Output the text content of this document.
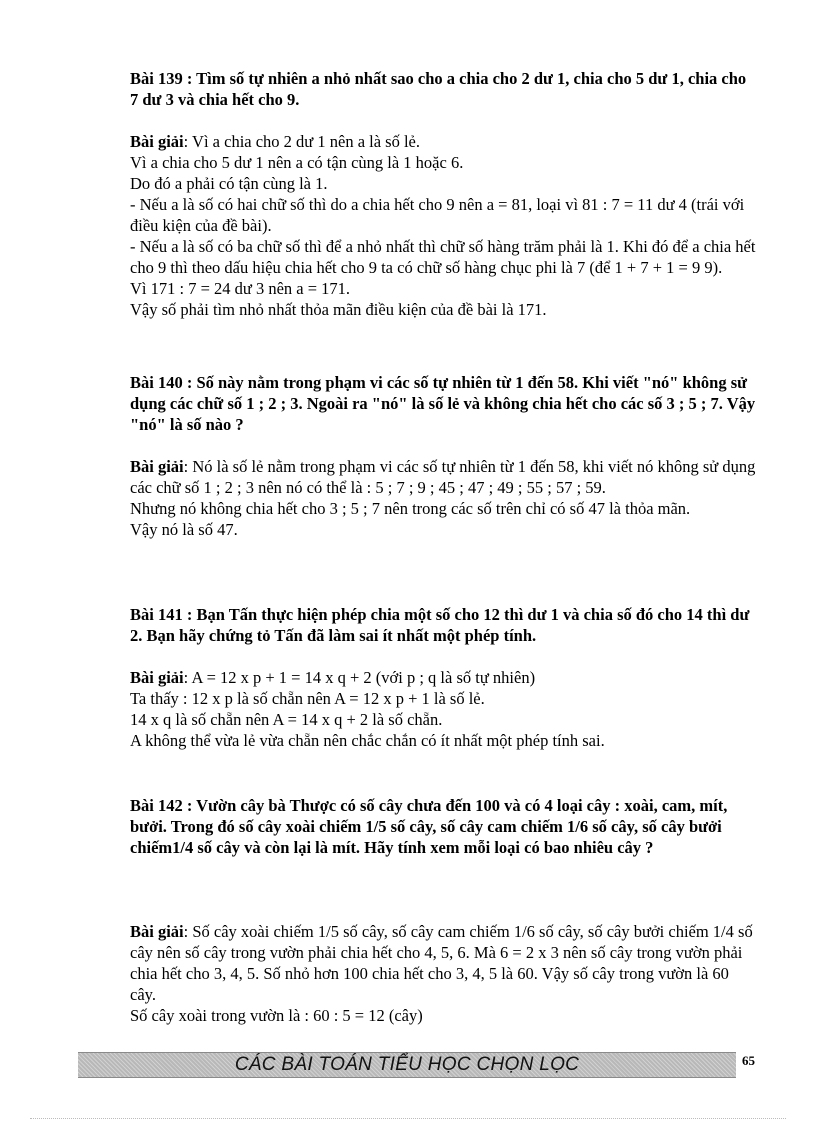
Bài 139 : Tìm số tự nhiên a nhỏ nhất sao cho a chia cho 2 dư 1, chia cho 5 dư 1, chia cho 7 dư 3 và chia hết cho 9.

Bài giải: Vì a chia cho 2 dư 1 nên a là số lẻ.

Vì a chia cho 5 dư 1 nên a có tận cùng là 1 hoặc 6.

Do đó a phải có tận cùng là 1.

- Nếu a là số có hai chữ số thì do a chia hết cho 9 nên a = 81, loại vì 81 : 7 = 11 dư 4 (trái với điều kiện của đề bài).

- Nếu a là số có ba chữ số thì để a nhỏ nhất thì chữ số hàng trăm phải là 1. Khi đó để a chia hết cho 9 thì theo dấu hiệu chia hết cho 9 ta có chữ số hàng chục phi là 7 (để 1 + 7 + 1 = 9 9).

Vì 171 : 7 = 24 dư 3 nên a = 171.

Vậy số phải tìm nhỏ nhất thỏa mãn điều kiện của đề bài là 171.

Bài 140 : Số này nằm trong phạm vi các số tự nhiên từ 1 đến 58. Khi viết "nó" không sử dụng các chữ số 1 ; 2 ; 3. Ngoài ra "nó" là số lẻ và không chia hết cho các số 3 ; 5 ; 7. Vậy "nó" là số nào ?

Bài giải: Nó là số lẻ nằm trong phạm vi các số tự nhiên từ 1 đến 58, khi viết nó không sử dụng các chữ số 1 ; 2 ; 3 nên nó có thể là : 5 ; 7 ; 9 ; 45 ; 47 ; 49 ; 55 ; 57 ; 59.

Nhưng nó không chia hết cho 3 ; 5 ; 7 nên trong các số trên chỉ có số 47 là thỏa mãn.

Vậy nó là số 47.

Bài 141 : Bạn Tấn thực hiện phép chia một số cho 12 thì dư 1 và chia số đó cho 14 thì dư 2. Bạn hãy chứng tỏ Tấn đã làm sai ít nhất một phép tính.

Bài giải: A = 12 x p + 1 = 14 x q + 2 (với p ; q là số tự nhiên)

Ta thấy : 12 x p là số chẵn nên A = 12 x p + 1 là số lẻ.

14 x q là số chẵn nên A = 14 x q + 2 là số chẵn.

A không thể vừa lẻ vừa chẵn nên chắc chắn có ít nhất một phép tính sai.

Bài 142 : Vườn cây bà Thược có số cây chưa đến 100 và có 4 loại cây : xoài, cam, mít, bưởi. Trong đó số cây xoài chiếm 1/5 số cây, số cây cam chiếm 1/6 số cây, số cây bưởi chiếm1/4 số cây và còn lại là mít. Hãy tính xem mỗi loại có bao nhiêu cây ?

Bài giải: Số cây xoài chiếm 1/5 số cây, số cây cam chiếm 1/6 số cây, số cây bưởi chiếm 1/4 số cây nên số cây trong vườn phải chia hết cho 4, 5, 6. Mà 6 = 2 x 3 nên số cây trong vườn phải chia hết cho 3, 4, 5. Số nhỏ hơn 100 chia hết cho 3, 4, 5 là 60. Vậy số cây trong vườn là 60 cây.

Số cây xoài trong vườn là : 60 : 5 = 12 (cây)

CÁC BÀI TOÁN TIỂU HỌC CHỌN LỌC	65
